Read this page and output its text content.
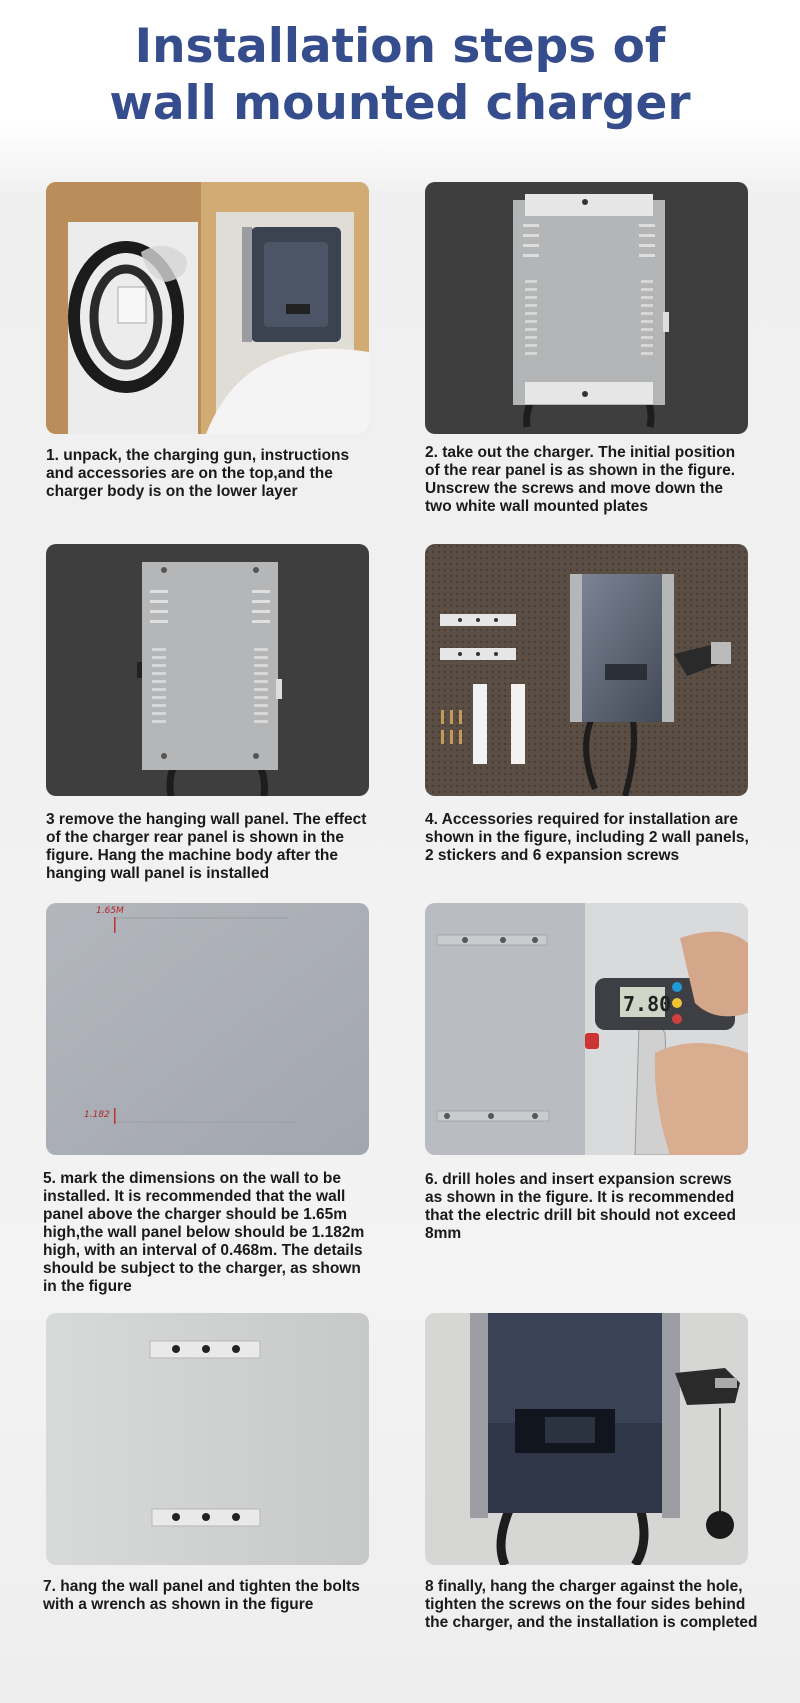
Installation steps of
wall mounted charger
1. unpack, the charging gun, instructions
and accessories are on the top,and the
charger body is on the lower layer
2. take out the charger. The initial position
of the rear panel is as shown in the figure.
Unscrew the screws and move down the
two white wall mounted plates
3 remove the hanging wall panel. The effect
of the charger rear panel is shown in the
figure. Hang the machine body after the
hanging wall panel is installed
4. Accessories required for installation are
shown in the figure, including 2 wall panels,
2 stickers and 6 expansion screws
1.65M
1.182
5. mark the dimensions on the wall to be
installed. It is recommended that the wall
panel above the charger should be 1.65m
high,the wall panel below should be 1.182m
high, with an interval of 0.468m. The details
should be subject to the charger, as shown
in the figure
7.80
6. drill holes and insert expansion screws
as shown in the figure. It is recommended
that the electric drill bit should not exceed
8mm
7. hang the wall panel and tighten the bolts
with a wrench as shown in the figure
8 finally, hang the charger against the hole,
tighten the screws on the four sides behind
the charger, and the installation is completed
